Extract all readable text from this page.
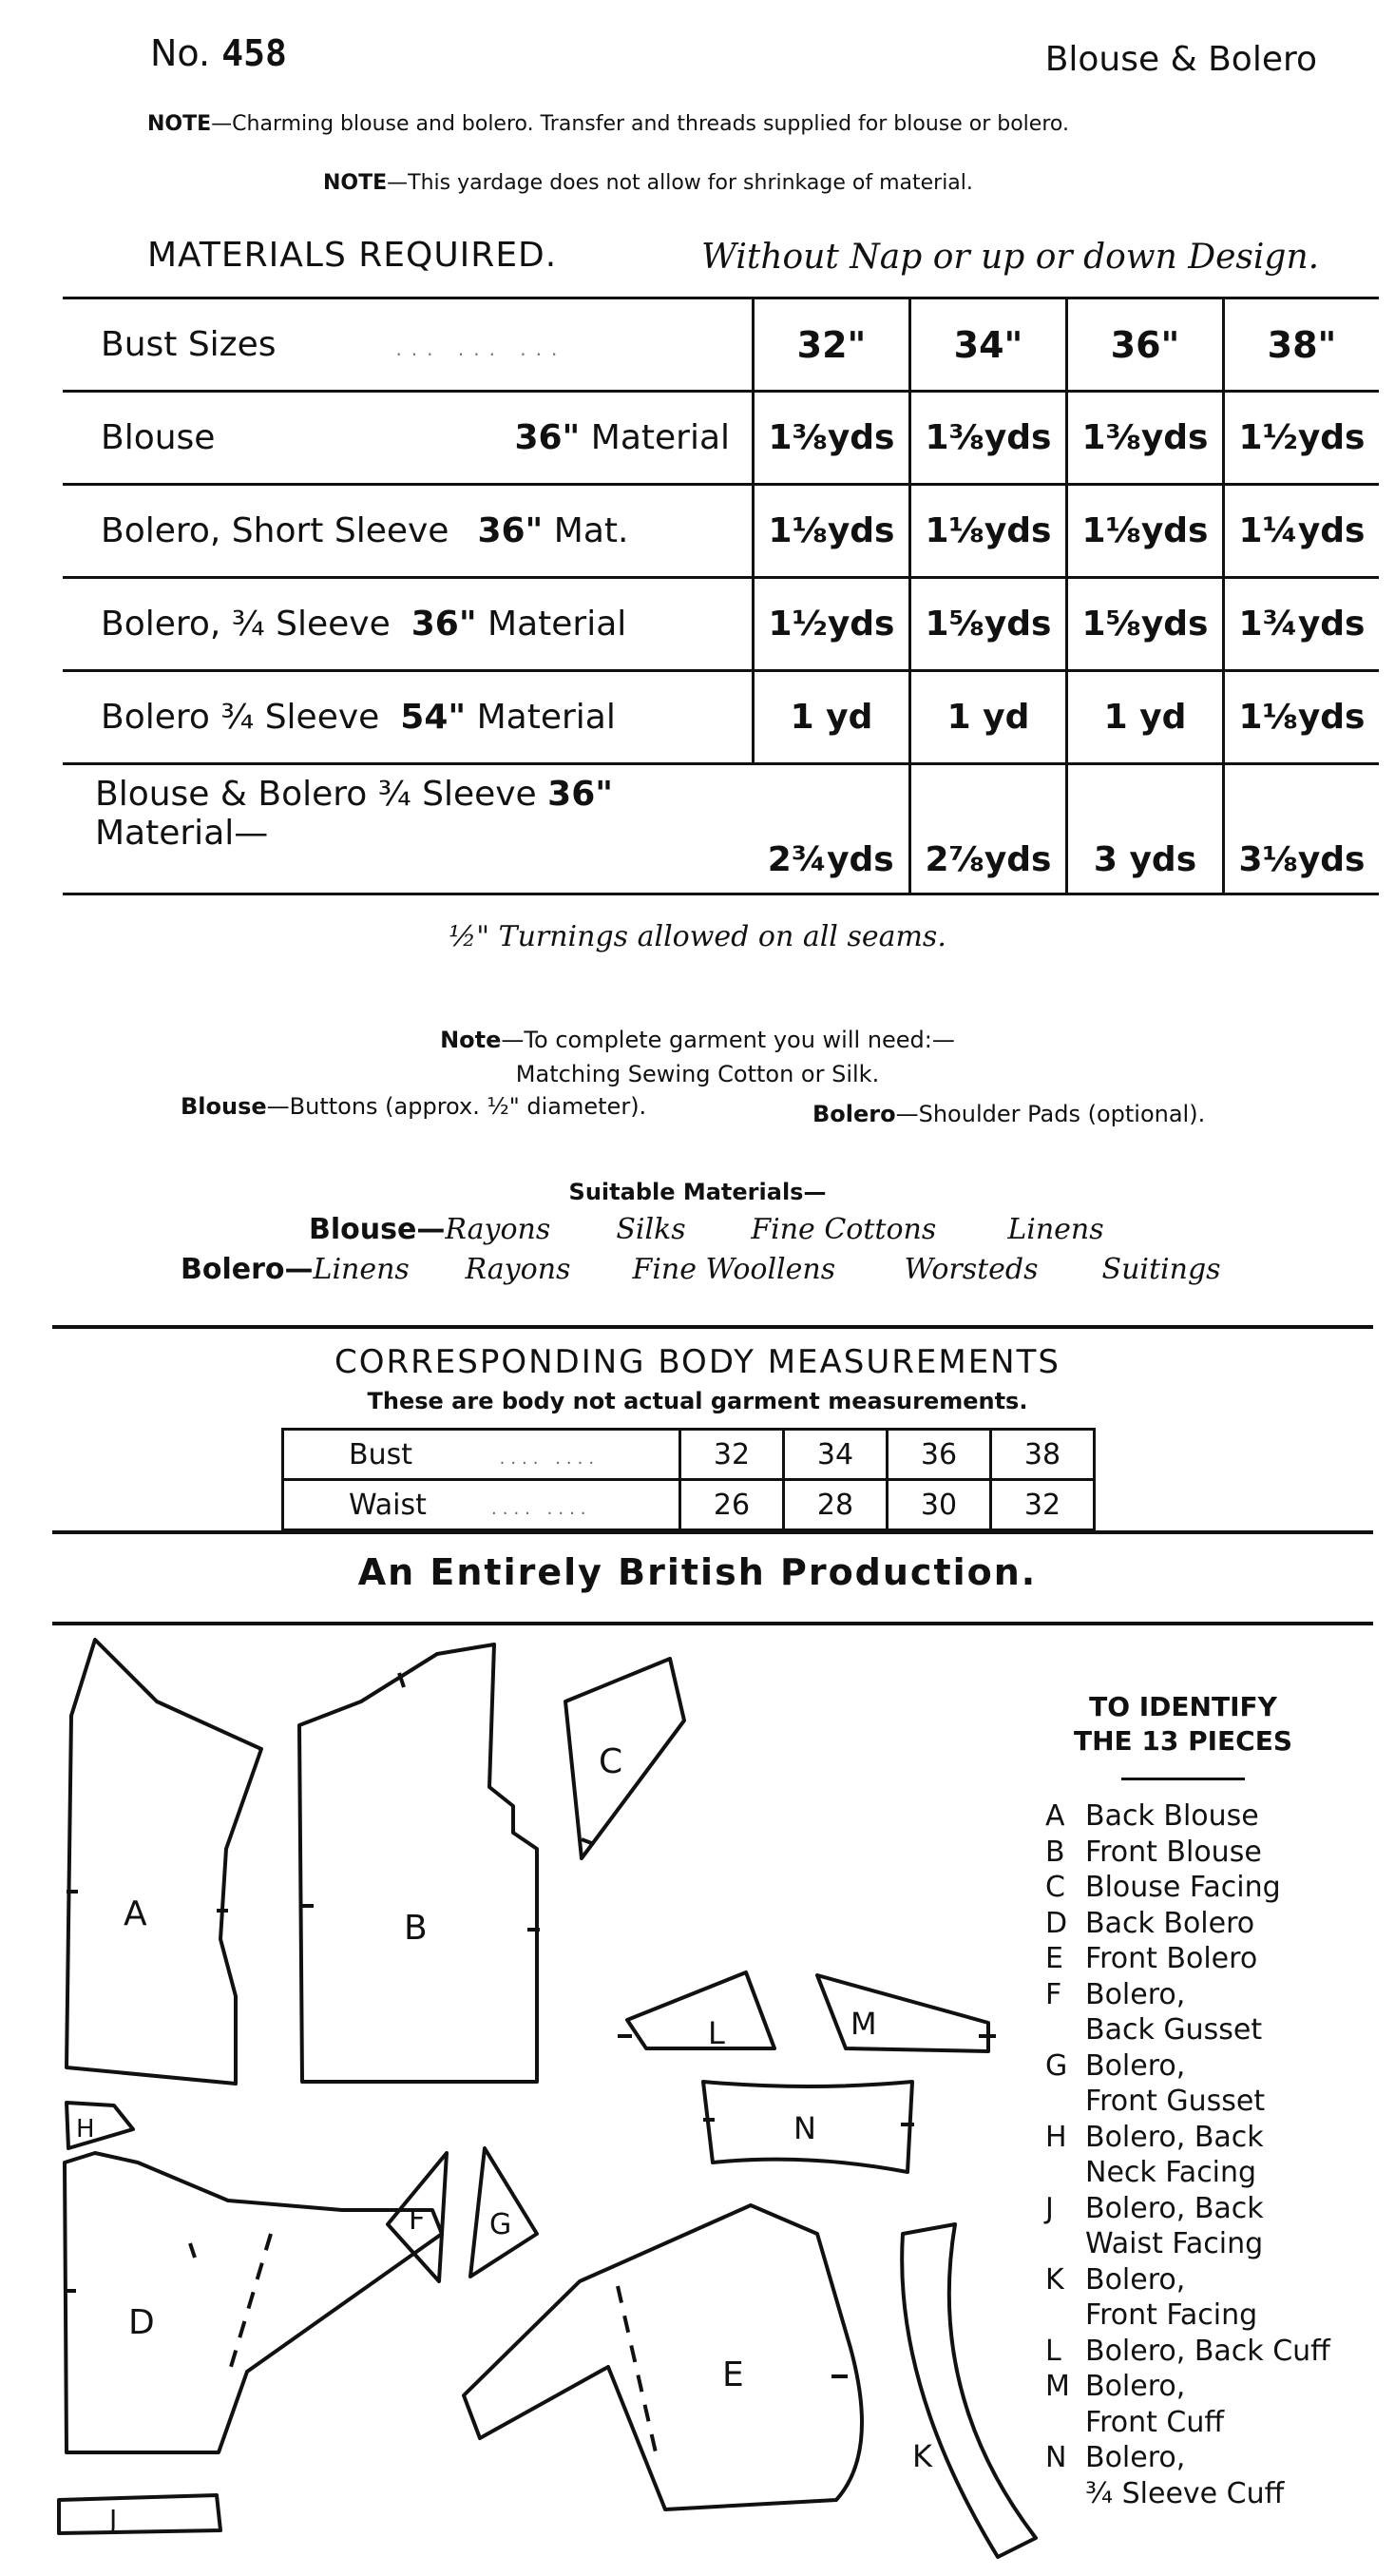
No. 458	Blouse & Bolero
NOTE—Charming blouse and bolero. Transfer and threads supplied for blouse or bolero.
NOTE—This yardage does not allow for shrinkage of material.
MATERIALS REQUIRED.	Without Nap or up or down Design.
Bust Sizes        ... ... ...	32"	34"	36"	38"
Blouse 36" Material	1⅜yds	1⅜yds	1⅜yds	1½yds
Bolero, Short Sleeve 36" Mat.	1⅛yds	1⅛yds	1⅛yds	1¼yds
Bolero, ¾ Sleeve 36" Material	1½yds	1⅝yds	1⅝yds	1¾yds
Bolero ¾ Sleeve 54" Material	1 yd	1 yd	1 yd	1⅛yds
Blouse & Bolero ¾ Sleeve 36" Material—	2¾yds	2⅞yds	3 yds	3⅛yds
½" Turnings allowed on all seams.
Note—To complete garment you will need:—
Matching Sewing Cotton or Silk.
Blouse—Buttons (approx. ½" diameter).	Bolero—Shoulder Pads (optional).
Suitable Materials—
Blouse—Rayons Silks Fine Cottons	Linens
Bolero—Linens Rayons Fine Woollens Worsteds Suitings
CORRESPONDING BODY MEASUREMENTS
These are body not actual garment measurements.
Bust        .... ....	32	34	36	38
Waist      .... ....	26	28	30	32
An Entirely British Production.
A	B
C
H
F G
L	M
N
D
J
E
K
TO IDENTIFY
THE 13 PIECES
A Back Blouse
B Front Blouse
C Blouse Facing
D Back Bolero
E Front Bolero
F Bolero,
Back Gusset
G Bolero,
Front Gusset
H Bolero, Back
Neck Facing
J	Bolero, Back
Waist Facing
K Bolero,
Front Facing
L Bolero, Back Cuff
M Bolero,
Front Cuff
N Bolero,
¾ Sleeve Cuff
